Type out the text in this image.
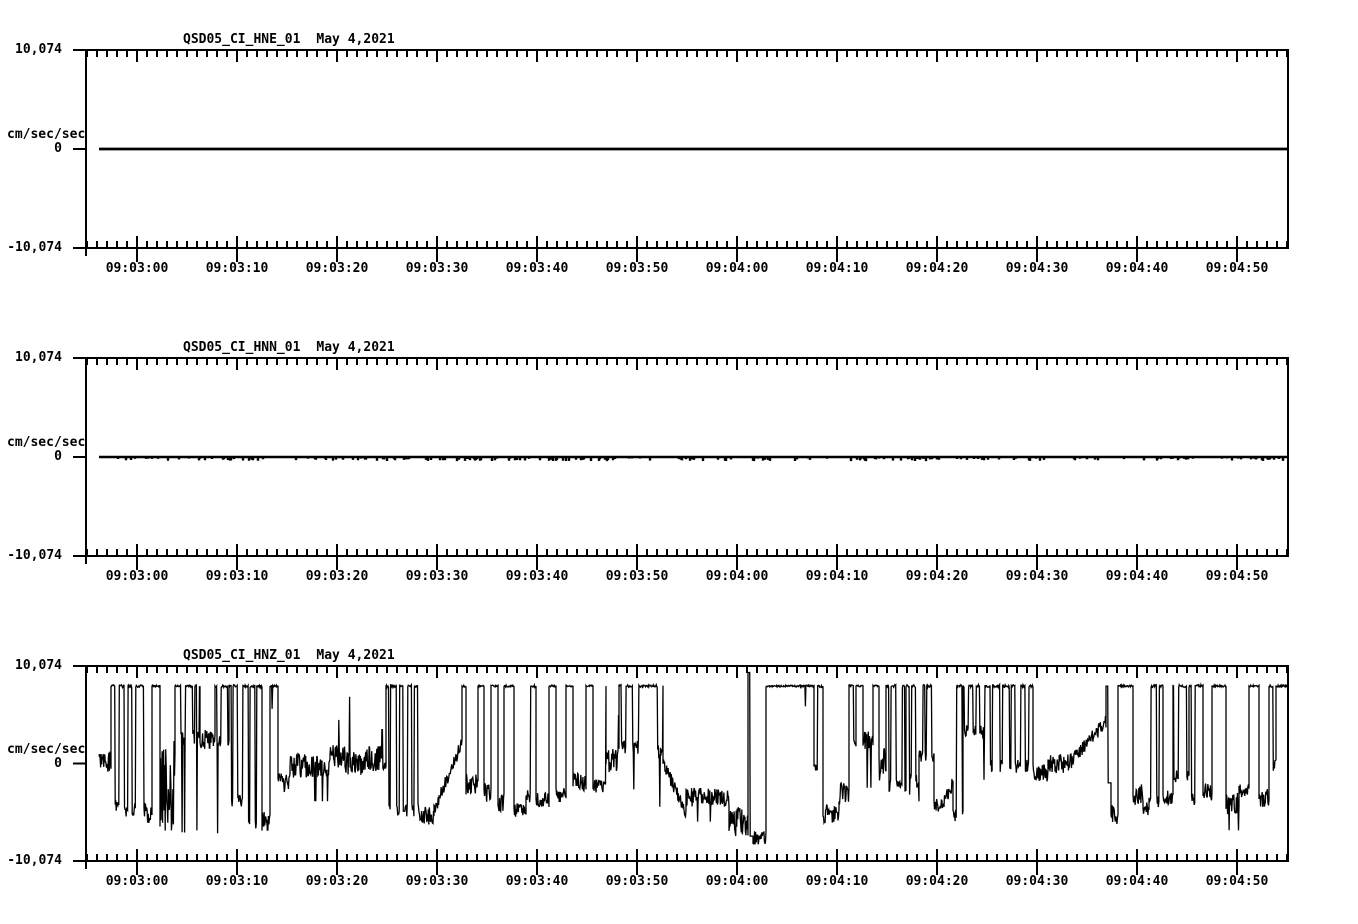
QSD05_CI_HNE_01 May 4,2021
10,074
0
-10,074
cm/sec/sec
09:03:00	09:03:10	09:03:20	09:03:30	09:03:40	09:03:50	09:04:00	09:04:10	09:04:20	09:04:30	09:04:40	09:04:50
QSD05_CI_HNN_01 May 4,2021
10,074
0
-10,074
cm/sec/sec
09:03:00	09:03:10	09:03:20	09:03:30	09:03:40	09:03:50	09:04:00	09:04:10	09:04:20	09:04:30	09:04:40	09:04:50
QSD05_CI_HNZ_01 May 4,2021
10,074
0
-10,074
cm/sec/sec
09:03:00	09:03:10	09:03:20	09:03:30	09:03:40	09:03:50	09:04:00	09:04:10	09:04:20	09:04:30	09:04:40	09:04:50
